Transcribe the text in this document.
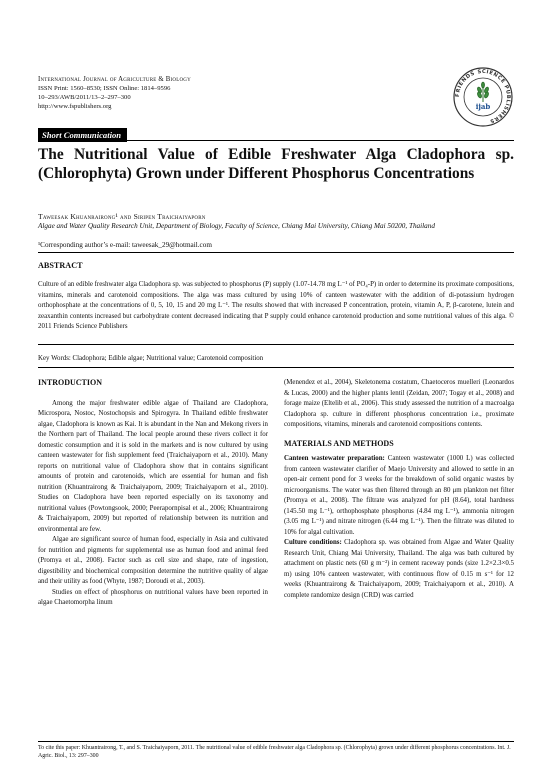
International Journal of Agriculture & Biology
ISSN Print: 1560–8530; ISSN Online: 1814–9596
10–293/AWB/2011/13–2–297–300
http://www.fspublishers.org
FRIENDS SCIENCE PUBLISHERS
ijab
Short Communication
The Nutritional Value of Edible Freshwater Alga Cladophora sp. (Chlorophyta) Grown under Different Phosphorus Concentrations
Taweesak Khuanrairong¹ and Siripen Traichaiyaporn
Algae and Water Quality Research Unit, Department of Biology, Faculty of Science, Chiang Mai University, Chiang Mai 50200, Thailand
¹Corresponding author’s e-mail: taweesak_29@hotmail.com
ABSTRACT
Culture of an edible freshwater alga Cladophora sp. was subjected to phosphorus (P) supply (1.07-14.78 mg L⁻¹ of PO₄-P) in order to determine its proximate compositions, vitamins, minerals and carotenoid compositions. The alga was mass cultured by using 10% of canteen wastewater with the addition of di-potassium hydrogen orthophosphate at the concentrations of 0, 5, 10, 15 and 20 mg L⁻¹. The results showed that with increased P concentration, protein, vitamin A, P, β-carotene, lutein and zeaxanthin contents increased but carbohydrate content decreased indicating that P supply could enhance carotenoid production and some nutritional values of this alga. © 2011 Friends Science Publishers
Key Words: Cladophora; Edible algae; Nutritional value; Carotenoid composition

INTRODUCTION

Among the major freshwater edible algae of Thailand are Cladophora, Microspora, Nostoc, Nostochopsis and Spirogyra. In Thailand edible freshwater algae, Cladophora is known as Kai. It is abundant in the Nan and Mekong rivers in the Northern part of Thailand. The local people around these rivers collect it for domestic consumption and it is sold in the markets and is now cultured by using canteen wastewater for fish supplement feed (Traichaiyaporn et al., 2010). Many reports on nutritional value of Cladophora show that in contains significant amounts of protein and carotenoids, which are essential for human and fish nutrition (Khuantrairong & Traichaiyaporn, 2009; Traichaiyaporn et al., 2010). Studies on Cladophora have been reported especially on its taxonomy and nutritional values (Powtongsook, 2000; Peerapornpisal et al., 2006; Khuantrairong & Traichaiyaporn, 2009) but reported of relationship between its nutrition and environmental are few.

Algae are significant source of human food, especially in Asia and cultivated for nutrition and pigments for supplemental use as human food and animal feed (Promya et al., 2008). Factor such as cell size and shape, rate of ingestion, digestibility and biochemical composition determine the nutritive quality of algae and their utility as food (Whyte, 1987; Doroudi et al., 2003).

Studies on effect of phosphorus on nutritional values have been reported in algae Chaetomorpha linum

(Menendez et al., 2004), Skeletonema costatum, Chaetoceros muelleri (Leonardos & Lucas, 2000) and the higher plants lentil (Zeidan, 2007; Togay et al., 2008) and forage maize (Eltelib et al., 2006). This study assessed the nutrition of a macroalga Cladophora sp. culture in different phosphorus concentration i.e., proximate compositions, vitamins, minerals and carotenoid compositions contents.

MATERIALS AND METHODS

Canteen wastewater preparation: Canteen wastewater (1000 L) was collected from canteen wastewater clarifier of Maejo University and allowed to settle in an open-air cement pond for 3 weeks for the breakdown of solid organic wastes by microorganisms. The water was then filtered through an 80 μm plankton net filter (Promya et al., 2008). The filtrate was analyzed for pH (8.64), total hardness (145.50 mg L⁻¹), orthophosphate phosphorus (4.84 mg L⁻¹), ammonia nitrogen (3.05 mg L⁻¹) and nitrate nitrogen (6.44 mg L⁻¹). Then the filtrate was diluted to 10% for algal cultivation.

Culture conditions: Cladophora sp. was obtained from Algae and Water Quality Research Unit, Chiang Mai University, Thailand. The alga was bath cultured by attachment on plastic nets (60 g m⁻²) in cement raceway ponds (size 1.2×2.3×0.5 m) using 10% canteen wastewater, with continuous flow of 0.15 m s⁻¹ for 12 weeks (Khuantrairong & Traichaiyaporn, 2009; Traichaiyaporn et al., 2010). A complete randomize design (CRD) was carried

To cite this paper: Khuantrairong, T., and S. Traichaiyaporn, 2011. The nutritional value of edible freshwater alga Cladophora sp. (Chlorophyta) grown under different phosphorus concentrations. Int. J. Agric. Biol., 13: 297–300
